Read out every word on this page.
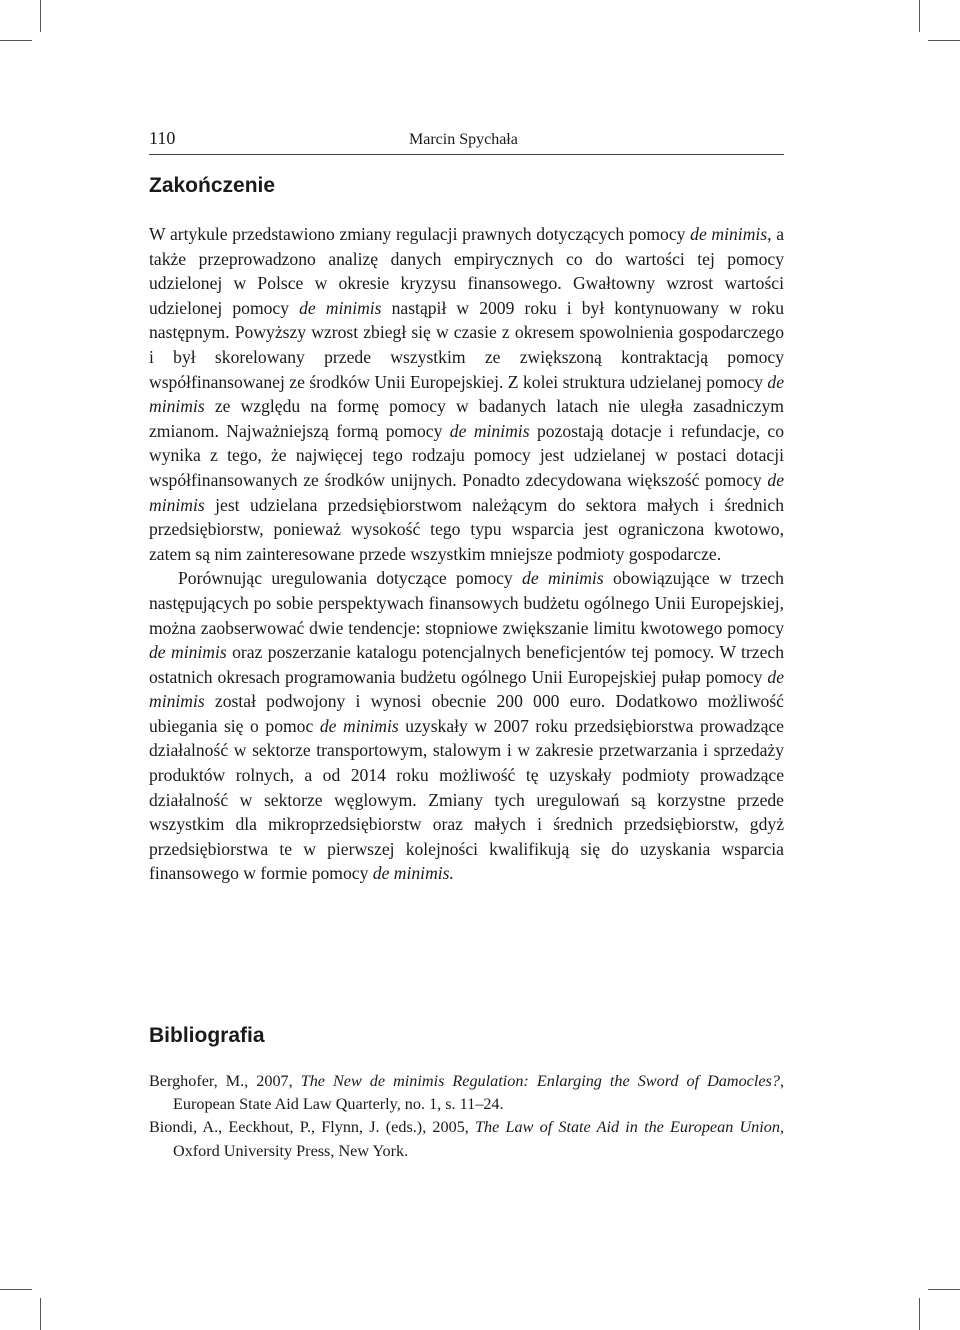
110	Marcin Spychała
Zakończenie

W artykule przedstawiono zmiany regulacji prawnych dotyczących pomocy de minimis, a także przeprowadzono analizę danych empirycznych co do wartości tej pomocy udzielonej w Polsce w okresie kryzysu finansowego. Gwałtowny wzrost wartości udzielonej pomocy de minimis nastąpił w 2009 roku i był kontynuowany w roku następnym. Powyższy wzrost zbiegł się w czasie z okresem spowolnienia gospodarczego i był skorelowany przede wszystkim ze zwiększoną kontraktacją pomocy współfinansowanej ze środków Unii Europejskiej. Z kolei struktura udzielanej pomocy de minimis ze względu na formę pomocy w badanych latach nie uległa zasadniczym zmianom. Najważniejszą formą pomocy de minimis pozostają dotacje i refundacje, co wynika z tego, że najwięcej tego rodzaju pomocy jest udzielanej w postaci dotacji współfinansowanych ze środków unijnych. Ponadto zdecydowana większość pomocy de minimis jest udzielana przedsiębiorstwom należącym do sektora małych i średnich przedsiębiorstw, ponieważ wysokość tego typu wsparcia jest ograniczona kwotowo, zatem są nim zainteresowane przede wszystkim mniejsze podmioty gospodarcze.

Porównując uregulowania dotyczące pomocy de minimis obowiązujące w trzech następujących po sobie perspektywach finansowych budżetu ogólnego Unii Europejskiej, można zaobserwować dwie tendencje: stopniowe zwiększanie limitu kwotowego pomocy de minimis oraz poszerzanie katalogu potencjalnych beneficjentów tej pomocy. W trzech ostatnich okresach programowania budżetu ogólnego Unii Europejskiej pułap pomocy de minimis został podwojony i wynosi obecnie 200 000 euro. Dodatkowo możliwość ubiegania się o pomoc de minimis uzyskały w 2007 roku przedsiębiorstwa prowadzące działalność w sektorze transportowym, stalowym i w zakresie przetwarzania i sprzedaży produktów rolnych, a od 2014 roku możliwość tę uzyskały podmioty prowadzące działalność w sektorze węglowym. Zmiany tych uregulowań są korzystne przede wszystkim dla mikroprzedsiębiorstw oraz małych i średnich przedsiębiorstw, gdyż przedsiębiorstwa te w pierwszej kolejności kwalifikują się do uzyskania wsparcia finansowego w formie pomocy de minimis.

Bibliografia

Berghofer, M., 2007, The New de minimis Regulation: Enlarging the Sword of Damocles?, European State Aid Law Quarterly, no. 1, s. 11–24.

Biondi, A., Eeckhout, P., Flynn, J. (eds.), 2005, The Law of State Aid in the European Union, Oxford University Press, New York.
